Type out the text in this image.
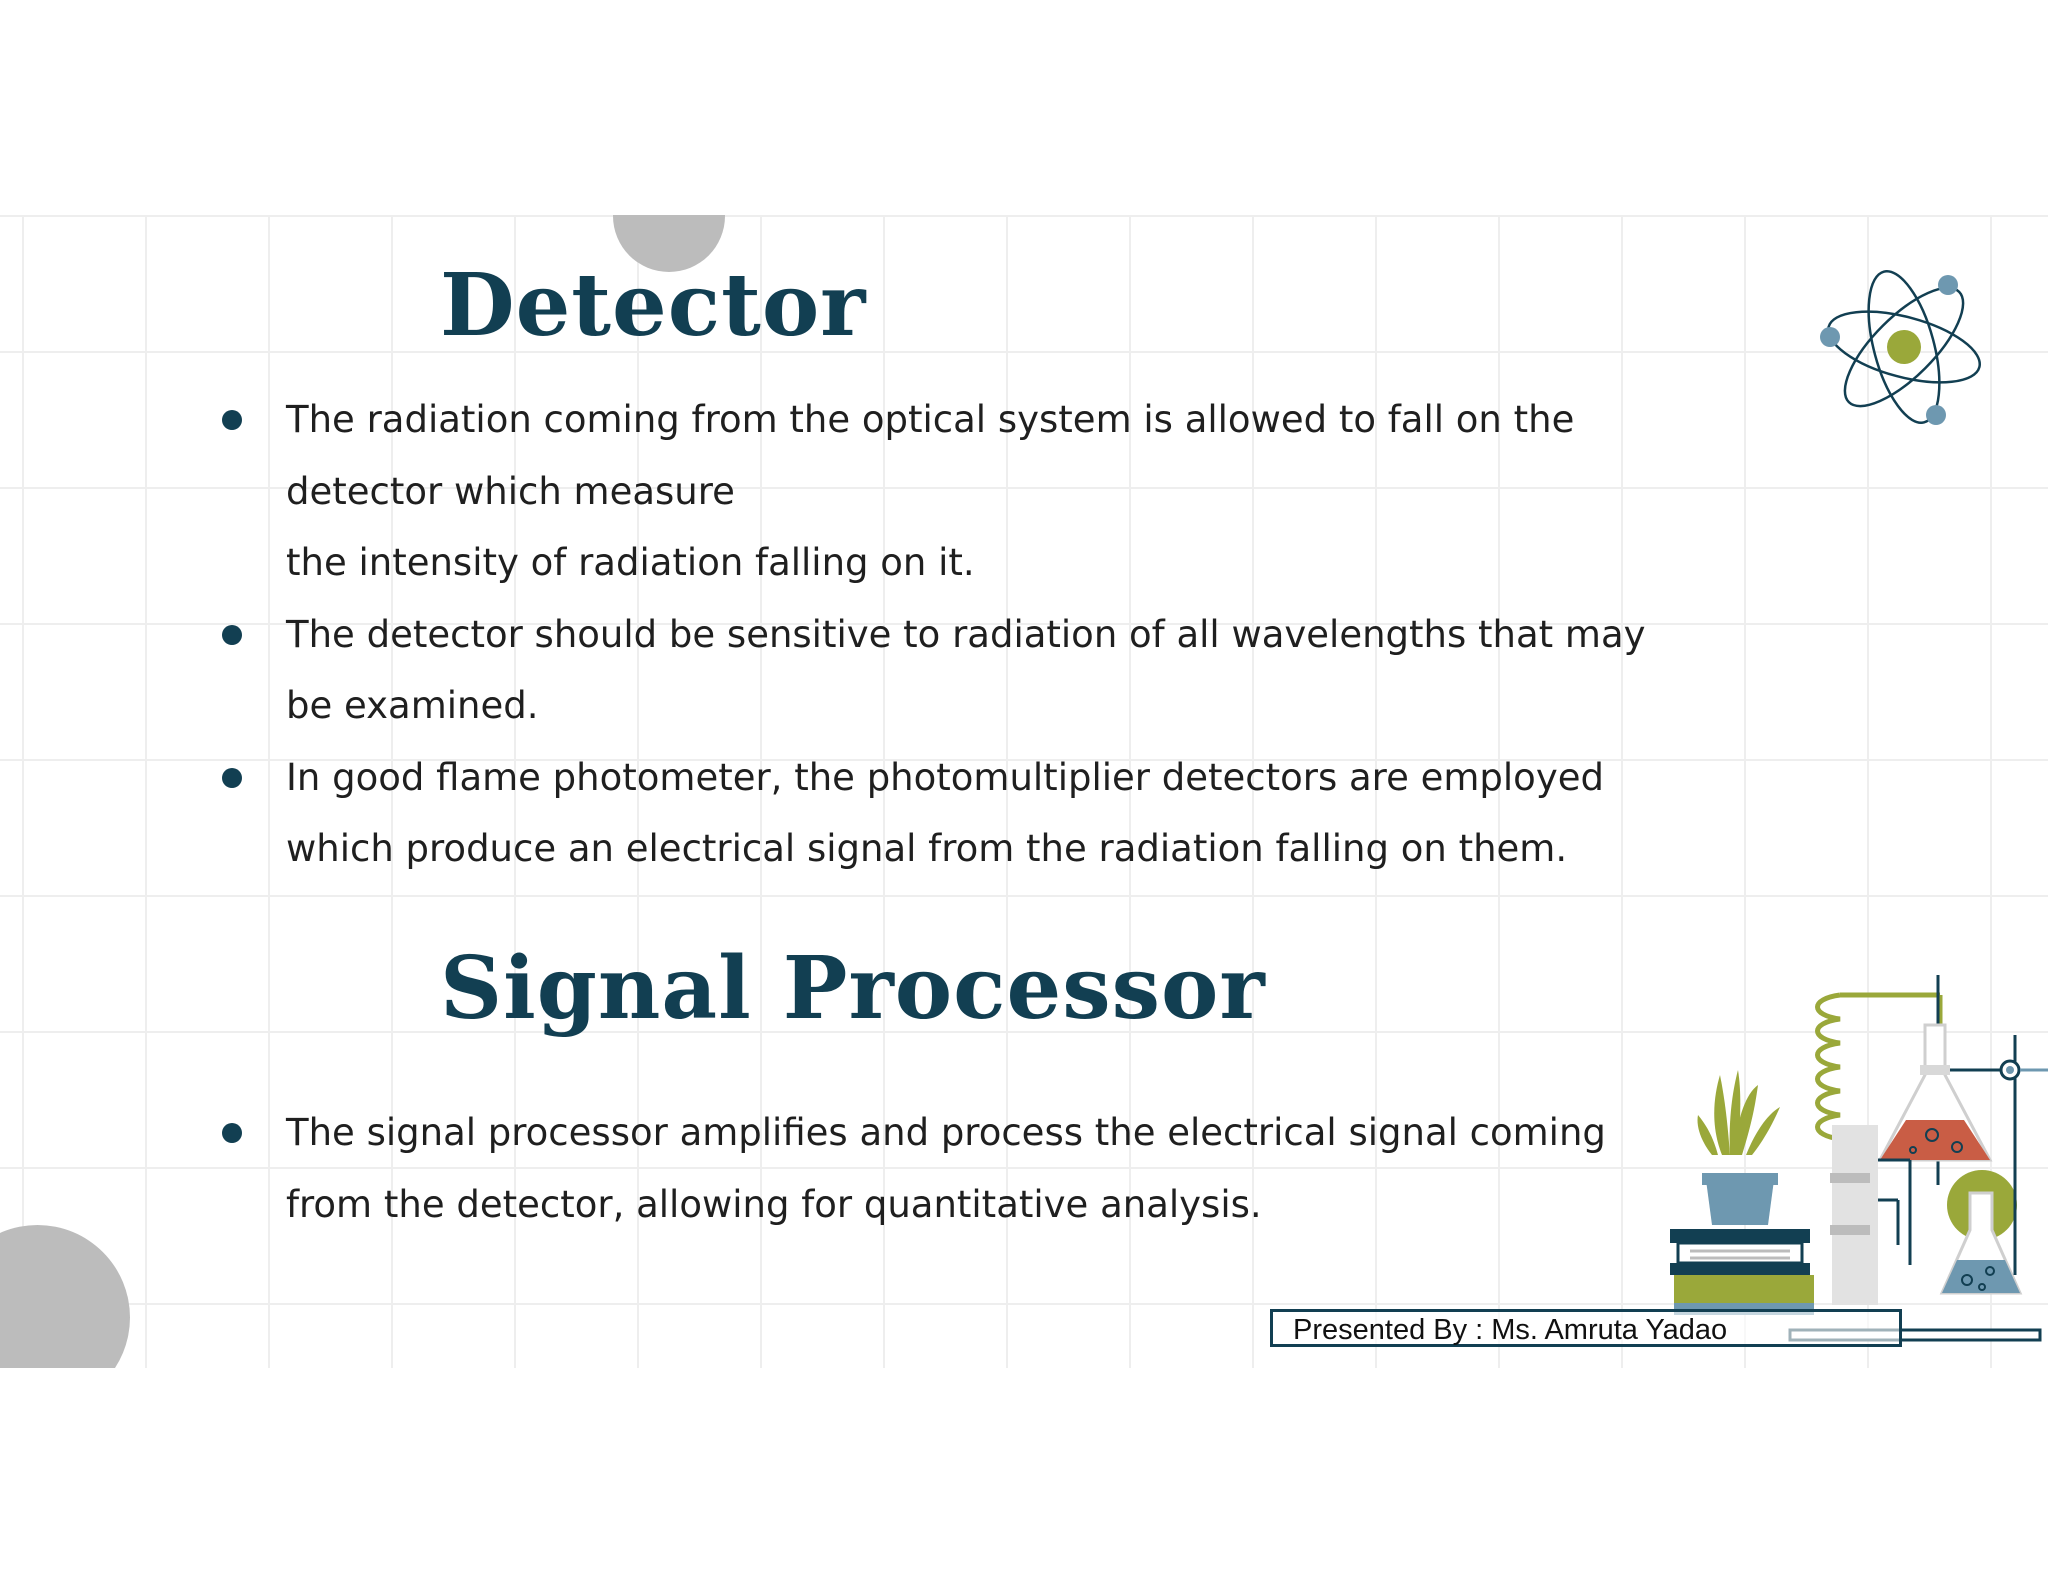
Detector
The radiation coming from the optical system is allowed to fall on the
detector which measure
the intensity of radiation falling on it.
The detector should be sensitive to radiation of all wavelengths that may
be examined.
In good flame photometer, the photomultiplier detectors are employed
which produce an electrical signal from the radiation falling on them.
Signal Processor
The signal processor amplifies and process the electrical signal coming
from the detector, allowing for quantitative analysis.
Presented By : Ms. Amruta Yadao
